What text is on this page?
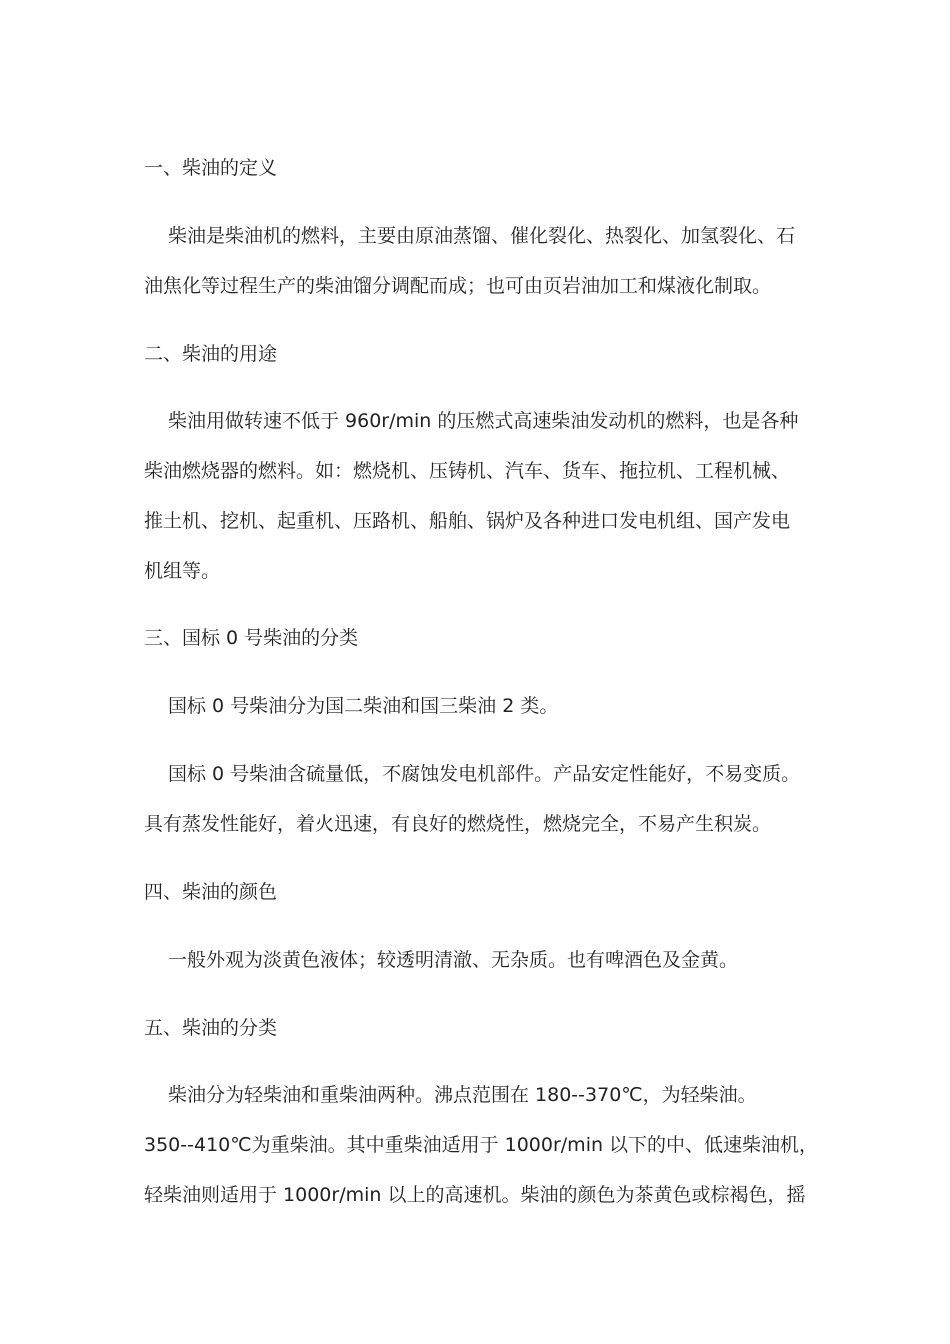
一、柴油的定义
柴油是柴油机的燃料，主要由原油蒸馏、催化裂化、热裂化、加氢裂化、石
油焦化等过程生产的柴油馏分调配而成；也可由页岩油加工和煤液化制取。
二、柴油的用途
柴油用做转速不低于 960r/min 的压燃式高速柴油发动机的燃料，也是各种
柴油燃烧器的燃料。如：燃烧机、压铸机、汽车、货车、拖拉机、工程机械、
推土机、挖机、起重机、压路机、船舶、锅炉及各种进口发电机组、国产发电
机组等。
三、国标 0 号柴油的分类
国标 0 号柴油分为国二柴油和国三柴油 2 类。
国标 0 号柴油含硫量低，不腐蚀发电机部件。产品安定性能好，不易变质。
具有蒸发性能好，着火迅速，有良好的燃烧性，燃烧完全，不易产生积炭。
四、柴油的颜色
一般外观为淡黄色液体；较透明清澈、无杂质。也有啤酒色及金黄。
五、柴油的分类
柴油分为轻柴油和重柴油两种。沸点范围在 180--370℃，为轻柴油。
350--410℃为重柴油。其中重柴油适用于 1000r/min 以下的中、低速柴油机，
轻柴油则适用于 1000r/min 以上的高速机。柴油的颜色为茶黄色或棕褐色，摇
